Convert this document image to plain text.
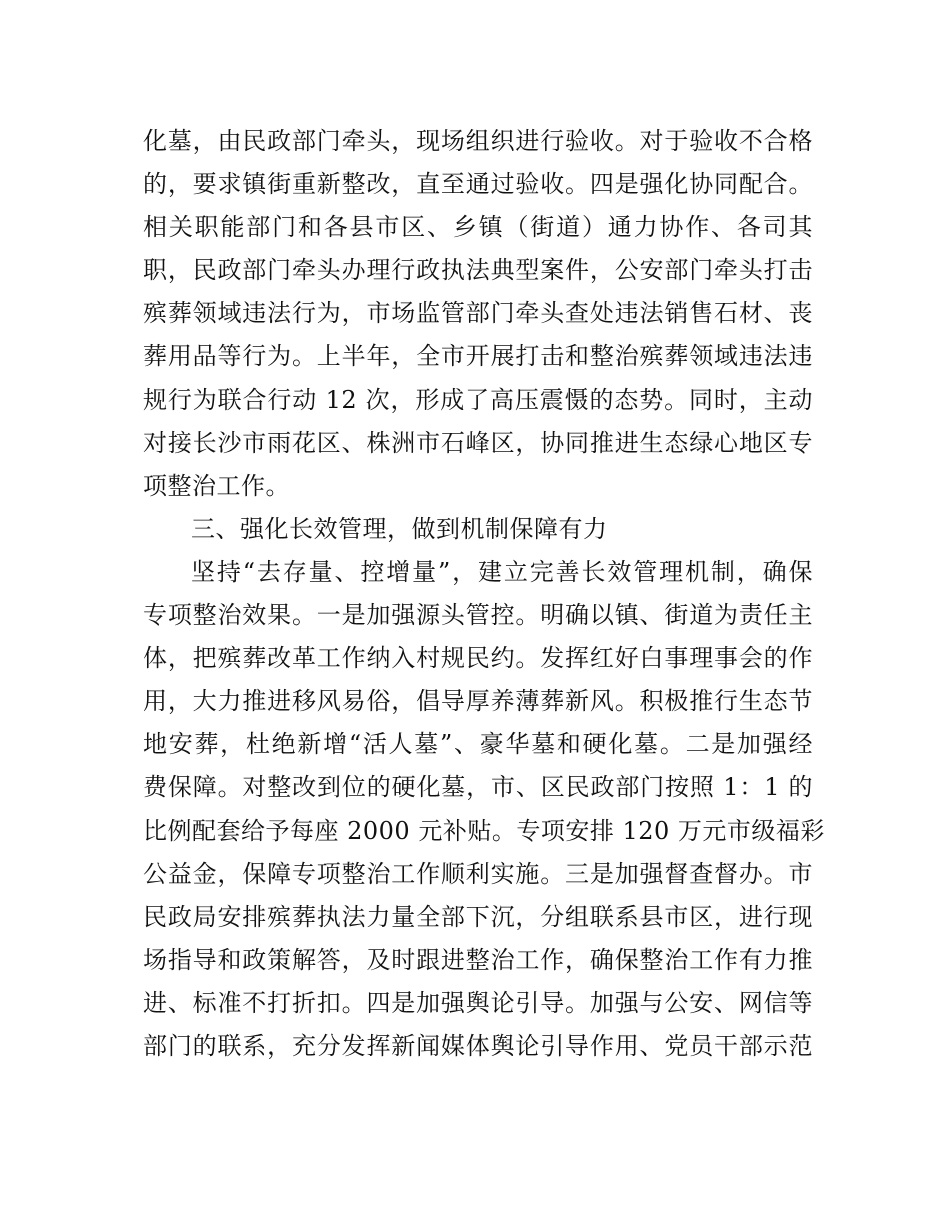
化墓，由民政部门牵头，现场组织进行验收。对于验收不合格
的，要求镇街重新整改，直至通过验收。四是强化协同配合。
相关职能部门和各县市区、乡镇（街道）通力协作、各司其
职，民政部门牵头办理行政执法典型案件，公安部门牵头打击
殡葬领域违法行为，市场监管部门牵头查处违法销售石材、丧
葬用品等行为。上半年，全市开展打击和整治殡葬领域违法违
规行为联合行动 12 次，形成了高压震慑的态势。同时，主动
对接长沙市雨花区、株洲市石峰区，协同推进生态绿心地区专
项整治工作。
三、强化长效管理，做到机制保障有力
坚持“去存量、控增量”，建立完善长效管理机制，确保
专项整治效果。一是加强源头管控。明确以镇、街道为责任主
体，把殡葬改革工作纳入村规民约。发挥红好白事理事会的作
用，大力推进移风易俗，倡导厚养薄葬新风。积极推行生态节
地安葬，杜绝新增“活人墓”、豪华墓和硬化墓。二是加强经
费保障。对整改到位的硬化墓，市、区民政部门按照 1：1 的
比例配套给予每座 2000 元补贴。专项安排 120 万元市级福彩
公益金，保障专项整治工作顺利实施。三是加强督查督办。市
民政局安排殡葬执法力量全部下沉，分组联系县市区，进行现
场指导和政策解答，及时跟进整治工作，确保整治工作有力推
进、标准不打折扣。四是加强舆论引导。加强与公安、网信等
部门的联系，充分发挥新闻媒体舆论引导作用、党员干部示范
